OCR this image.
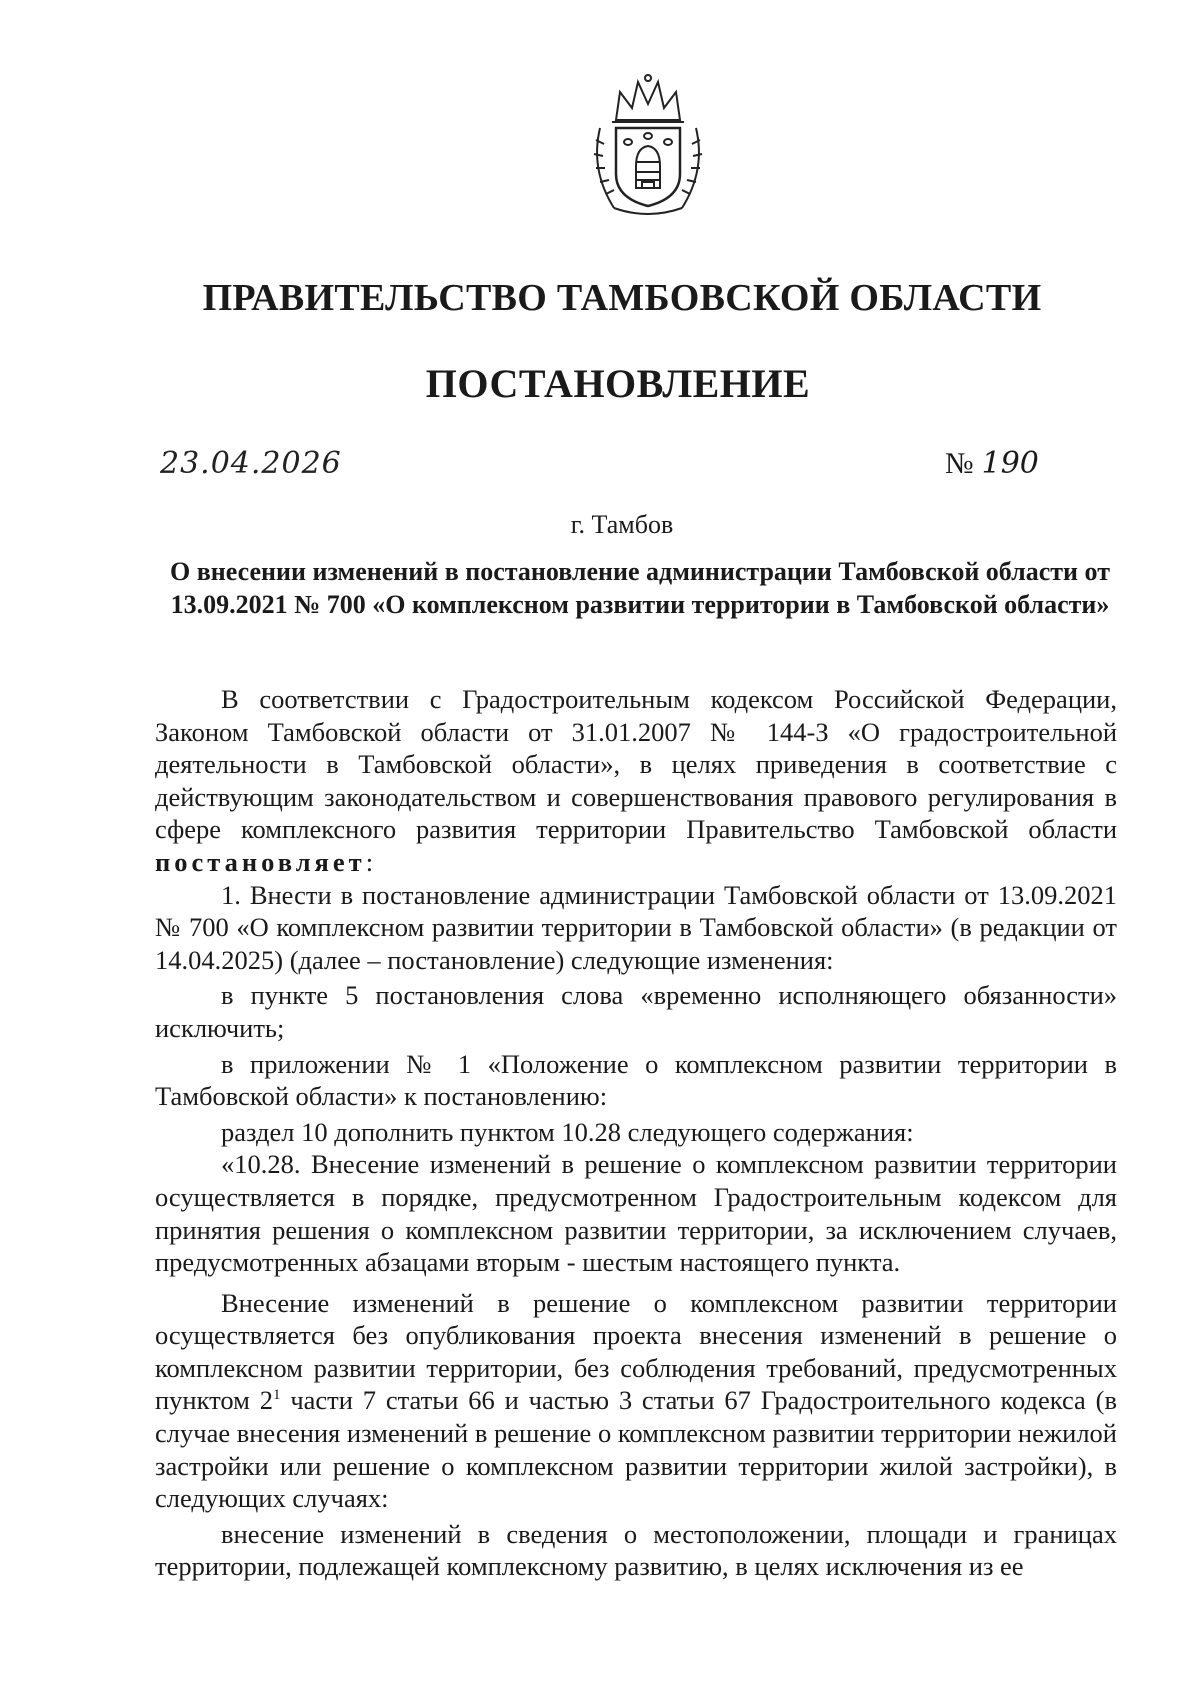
ПРАВИТЕЛЬСТВО ТАМБОВСКОЙ ОБЛАСТИ
ПОСТАНОВЛЕНИЕ
23.04.2026	№ 190
г. Тамбов

О внесении изменений в постановление администрации Тамбовской области от 13.09.2021 № 700 «О комплексном развитии территории в Тамбовской области»

В соответствии с Градостроительным кодексом Российской Федерации, Законом Тамбовской области от 31.01.2007 № 144-З «О градостроительной деятельности в Тамбовской области», в целях приведения в соответствие с действующим законодательством и совершенствования правового регулирования в сфере комплексного развития территории Правительство Тамбовской области постановляет:

1. Внести в постановление администрации Тамбовской области от 13.09.2021 № 700 «О комплексном развитии территории в Тамбовской области» (в редакции от 14.04.2025) (далее – постановление) следующие изменения:

в пункте 5 постановления слова «временно исполняющего обязанности» исключить;

в приложении № 1 «Положение о комплексном развитии территории в Тамбовской области» к постановлению:

раздел 10 дополнить пунктом 10.28 следующего содержания:

«10.28. Внесение изменений в решение о комплексном развитии территории осуществляется в порядке, предусмотренном Градостроительным кодексом для принятия решения о комплексном развитии территории, за исключением случаев, предусмотренных абзацами вторым - шестым настоящего пункта.

Внесение изменений в решение о комплексном развитии территории осуществляется без опубликования проекта внесения изменений в решение о комплексном развитии территории, без соблюдения требований, предусмотренных пунктом $2^1$ части 7 статьи 66 и частью 3 статьи 67 Градостроительного кодекса (в случае внесения изменений в решение о комплексном развитии территории нежилой застройки или решение о комплексном развитии территории жилой застройки), в следующих случаях:

внесение изменений в сведения о местоположении, площади и границах территории, подлежащей комплексному развитию, в целях исключения из ее
